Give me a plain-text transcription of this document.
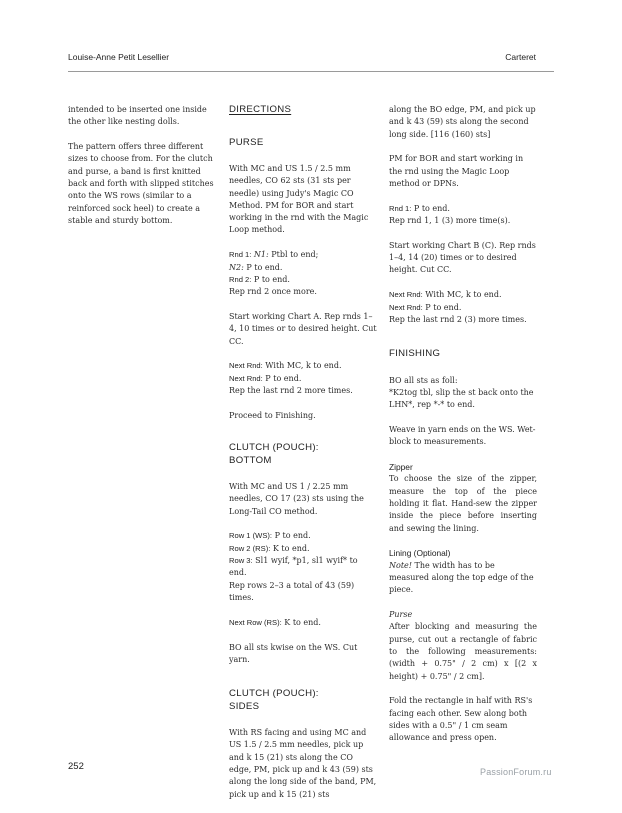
Louise-Anne Petit Lesellier	Carteret

intended to be inserted one inside the other like nesting dolls.

The pattern offers three different sizes to choose from. For the clutch and purse, a band is first knitted back and forth with slipped stitches onto the WS rows (similar to a reinforced sock heel) to create a stable and sturdy bottom.

DIRECTIONS
PURSE

With MC and US 1.5 / 2.5 mm needles, CO 62 sts (31 sts per needle) using Judy's Magic CO Method. PM for BOR and start working in the rnd with the Magic Loop method.

Rnd 1: N1: Ptbl to end;
N2: P to end.
Rnd 2: P to end.
Rep rnd 2 once more.

Start working Chart A. Rep rnds 1–4, 10 times or to desired height. Cut CC.

Next Rnd: With MC, k to end.
Next Rnd: P to end.
Rep the last rnd 2 more times.

Proceed to Finishing.

CLUTCH (POUCH):
BOTTOM

With MC and US 1 / 2.25 mm needles, CO 17 (23) sts using the Long-Tail CO method.

Row 1 (WS): P to end.
Row 2 (RS): K to end.
Row 3: Sl1 wyif, *p1, sl1 wyif* to end.
Rep rows 2–3 a total of 43 (59) times.

Next Row (RS): K to end.

BO all sts kwise on the WS. Cut yarn.

CLUTCH (POUCH):
SIDES

With RS facing and using MC and US 1.5 / 2.5 mm needles, pick up and k 15 (21) sts along the CO edge, PM, pick up and k 43 (59) sts along the long side of the band, PM, pick up and k 15 (21) sts

along the BO edge, PM, and pick up and k 43 (59) sts along the second long side. [116 (160) sts]

PM for BOR and start working in the rnd using the Magic Loop method or DPNs.

Rnd 1: P to end.
Rep rnd 1, 1 (3) more time(s).

Start working Chart B (C). Rep rnds 1–4, 14 (20) times or to desired height. Cut CC.

Next Rnd: With MC, k to end.
Next Rnd: P to end.
Rep the last rnd 2 (3) more times.

FINISHING

BO all sts as foll:
*K2tog tbl, slip the st back onto the LHN*, rep *-* to end.

Weave in yarn ends on the WS. Wet-block to measurements.

Zipper

To choose the size of the zipper, measure the top of the piece holding it flat. Hand-sew the zipper inside the piece before inserting and sewing the lining.

Lining (Optional)

Note! The width has to be measured along the top edge of the piece.

Purse
After blocking and measuring the purse, cut out a rectangle of fabric to the following measurements: (width + 0.75" / 2 cm) x [(2 x height) + 0.75" / 2 cm].

Fold the rectangle in half with RS's facing each other. Sew along both sides with a 0.5" / 1 cm seam allowance and press open.

252	PassionForum.ru
